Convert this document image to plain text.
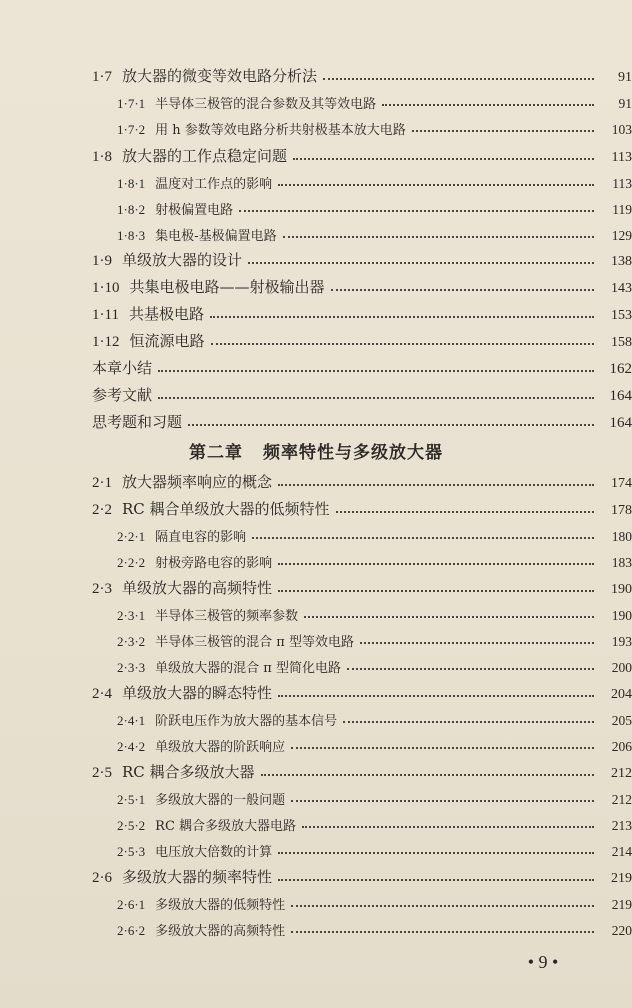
1·7 放大器的微变等效电路分析法	91
1·7·1 半导体三极管的混合参数及其等效电路	91
1·7·2 用 h 参数等效电路分析共射极基本放大电路	103
1·8 放大器的工作点稳定问题	113
1·8·1 温度对工作点的影响	113
1·8·2 射极偏置电路	119
1·8·3 集电极-基极偏置电路	129
1·9 单级放大器的设计	138
1·10 共集电极电路——射极输出器	143
1·11 共基极电路	153
1·12 恒流源电路	158
本章小结	162
参考文献	164
思考题和习题	164
第二章 频率特性与多级放大器
2·1 放大器频率响应的概念	174
2·2 RC 耦合单级放大器的低频特性	178
2·2·1 隔直电容的影响	180
2·2·2 射极旁路电容的影响	183
2·3 单级放大器的高频特性	190
2·3·1 半导体三极管的频率参数	190
2·3·2 半导体三极管的混合 π 型等效电路	193
2·3·3 单级放大器的混合 π 型简化电路	200
2·4 单级放大器的瞬态特性	204
2·4·1 阶跃电压作为放大器的基本信号	205
2·4·2 单级放大器的阶跃响应	206
2·5 RC 耦合多级放大器	212
2·5·1 多级放大器的一般问题	212
2·5·2 RC 耦合多级放大器电路	213
2·5·3 电压放大倍数的计算	214
2·6 多级放大器的频率特性	219
2·6·1 多级放大器的低频特性	219
2·6·2 多级放大器的高频特性	220
• 9 •
